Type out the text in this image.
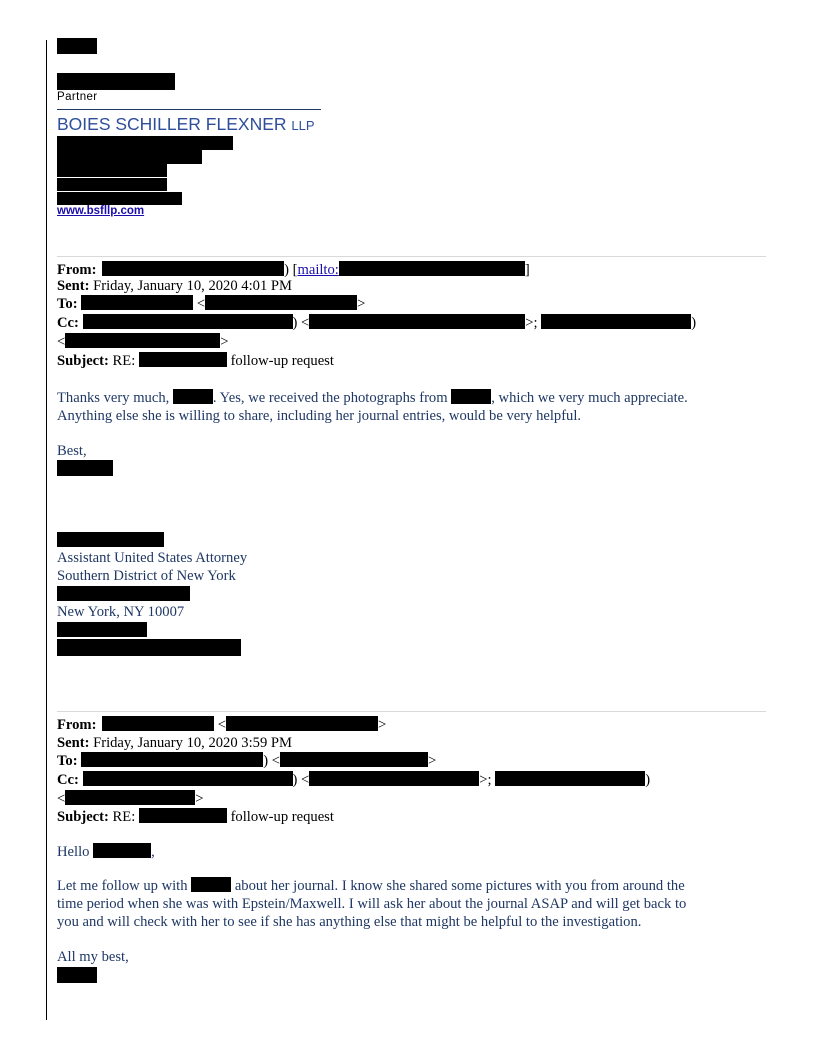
Partner
BOIES SCHILLER FLEXNER LLP
www.bsfllp.com
From:	) [mailto:	]
Sent: Friday, January 10, 2020 4:01 PM
To:	<	>
Cc:	) <	>;	)
<	>
Subject: RE:	follow-up request
Thanks very much,	. Yes, we received the photographs from	, which we very much appreciate.
Anything else she is willing to share, including her journal entries, would be very helpful.
Best,
Assistant United States Attorney
Southern District of New York
New York, NY 10007
From:	<	>
Sent: Friday, January 10, 2020 3:59 PM
To:	) <	>
Cc:	) <	>;	)
<	>
Subject: RE:	follow-up request
Hello	,
Let me follow up with	about her journal. I know she shared some pictures with you from around the
time period when she was with Epstein/Maxwell. I will ask her about the journal ASAP and will get back to
you and will check with her to see if she has anything else that might be helpful to the investigation.
All my best,
